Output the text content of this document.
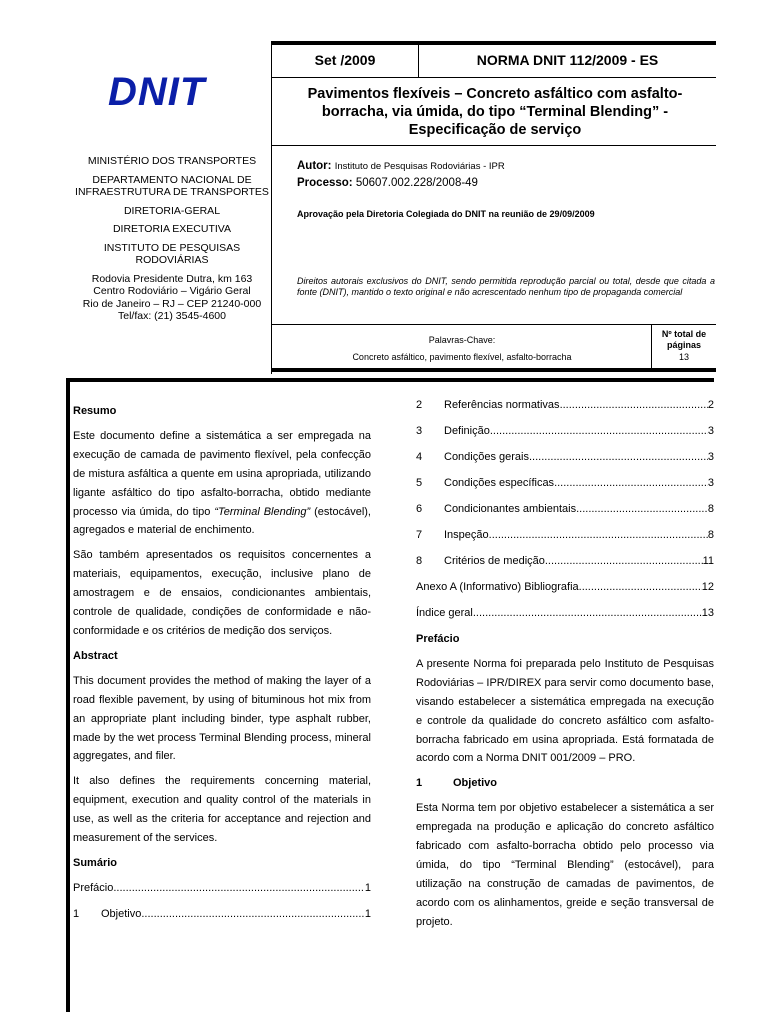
DNIT
MINISTÉRIO DOS TRANSPORTES
DEPARTAMENTO NACIONAL DE INFRAESTRUTURA DE TRANSPORTES
DIRETORIA-GERAL
DIRETORIA EXECUTIVA
INSTITUTO DE PESQUISAS RODOVIÁRIAS
Rodovia Presidente Dutra, km 163
Centro Rodoviário – Vigário Geral
Rio de Janeiro – RJ – CEP 21240-000
Tel/fax: (21) 3545-4600
Set /2009	NORMA DNIT 112/2009 - ES
Pavimentos flexíveis – Concreto asfáltico com asfalto-borracha, via úmida, do tipo “Terminal Blending” - Especificação de serviço
Autor: Instituto de Pesquisas Rodoviárias - IPR
Processo: 50607.002.228/2008-49
Aprovação pela Diretoria Colegiada do DNIT na reunião de 29/09/2009
Direitos autorais exclusivos do DNIT, sendo permitida reprodução parcial ou total, desde que citada a fonte (DNIT), mantido o texto original e não acrescentado nenhum tipo de propaganda comercial
Palavras-Chave:
Concreto asfáltico, pavimento flexível, asfalto-borracha
Nº total de páginas
13
Resumo
Este documento define a sistemática a ser empregada na execução de camada de pavimento flexível, pela confecção de mistura asfáltica a quente em usina apropriada, utilizando ligante asfáltico do tipo asfalto-borracha, obtido mediante processo via úmida, do tipo “Terminal Blending” (estocável), agregados e material de enchimento.
São também apresentados os requisitos concernentes a materiais, equipamentos, execução, inclusive plano de amostragem e de ensaios, condicionantes ambientais, controle de qualidade, condições de conformidade e não-conformidade e os critérios de medição dos serviços.
Abstract
This document provides the method of making the layer of a road flexible pavement, by using of bituminous hot mix from an appropriate plant including binder, type asphalt rubber, made by the wet process Terminal Blending process, mineral aggregates, and filer.
It also defines the requirements concerning material, equipment, execution and quality control of the materials in use, as well as the criteria for acceptance and rejection and measurement of the services.
Sumário
Prefácio .....	1
1	Objetivo .....	1
2	Referências normativas .....	2
3	Definição .....	3
4	Condições gerais .....	3
5	Condições específicas .....	3
6	Condicionantes ambientais .....	8
7	Inspeção .....	8
8	Critérios de medição .....	11
Anexo A (Informativo) Bibliografia .....	12
Índice geral .....	13
Prefácio
A presente Norma foi preparada pelo Instituto de Pesquisas Rodoviárias – IPR/DIREX para servir como documento base, visando estabelecer a sistemática empregada na execução e controle da qualidade do concreto asfáltico com asfalto-borracha fabricado em usina apropriada. Está formatada de acordo com a Norma DNIT 001/2009 – PRO.
1	Objetivo
Esta Norma tem por objetivo estabelecer a sistemática a ser empregada na produção e aplicação do concreto asfáltico fabricado com asfalto-borracha obtido pelo processo via úmida, do tipo “Terminal Blending” (estocável), para utilização na construção de camadas de pavimentos, de acordo com os alinhamentos, greide e seção transversal de projeto.
